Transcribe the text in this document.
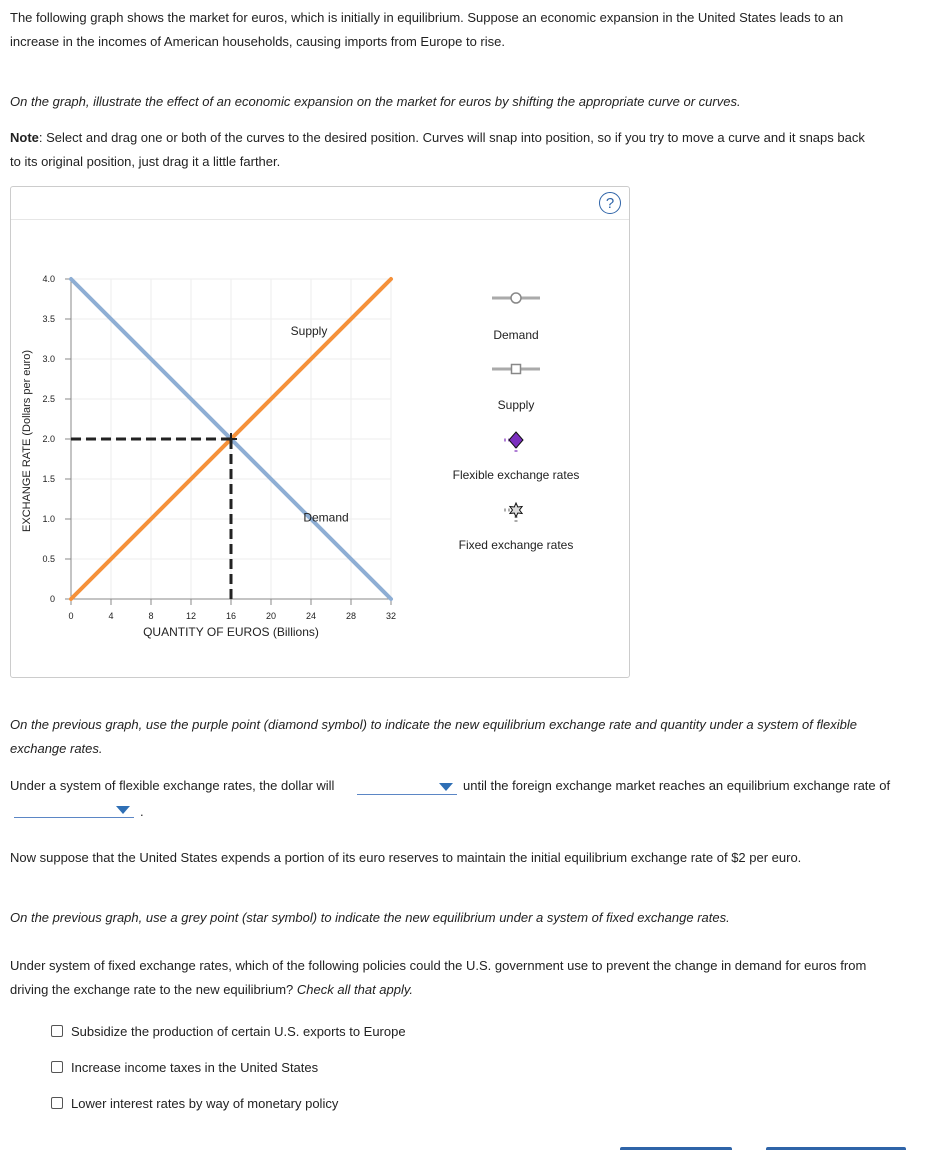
The following graph shows the market for euros, which is initially in equilibrium. Suppose an economic expansion in the United States leads to an
increase in the incomes of American households, causing imports from Europe to rise.

On the graph, illustrate the effect of an economic expansion on the market for euros by shifting the appropriate curve or curves.

Note: Select and drag one or both of the curves to the desired position. Curves will snap into position, so if you try to move a curve and it snaps back
to its original position, just drag it a little farther.

?
0
0.5
1.0
1.5
2.0
2.5
3.0
3.5
4.0
0	4	8	12	16	20	24	28	32
Supply
Demand
EXCHANGE RATE (Dollars per euro)
QUANTITY OF EUROS (Billions)
Demand
Supply
Flexible exchange rates
Fixed exchange rates

On the previous graph, use the purple point (diamond symbol) to indicate the new equilibrium exchange rate and quantity under a system of flexible
exchange rates.

Under a system of flexible exchange rates, the dollar will	until the foreign exchange market reaches an equilibrium exchange rate of
.

Now suppose that the United States expends a portion of its euro reserves to maintain the initial equilibrium exchange rate of $2 per euro.

On the previous graph, use a grey point (star symbol) to indicate the new equilibrium under a system of fixed exchange rates.

Under system of fixed exchange rates, which of the following policies could the U.S. government use to prevent the change in demand for euros from
driving the exchange rate to the new equilibrium? Check all that apply.

Subsidize the production of certain U.S. exports to Europe
Increase income taxes in the United States
Lower interest rates by way of monetary policy
